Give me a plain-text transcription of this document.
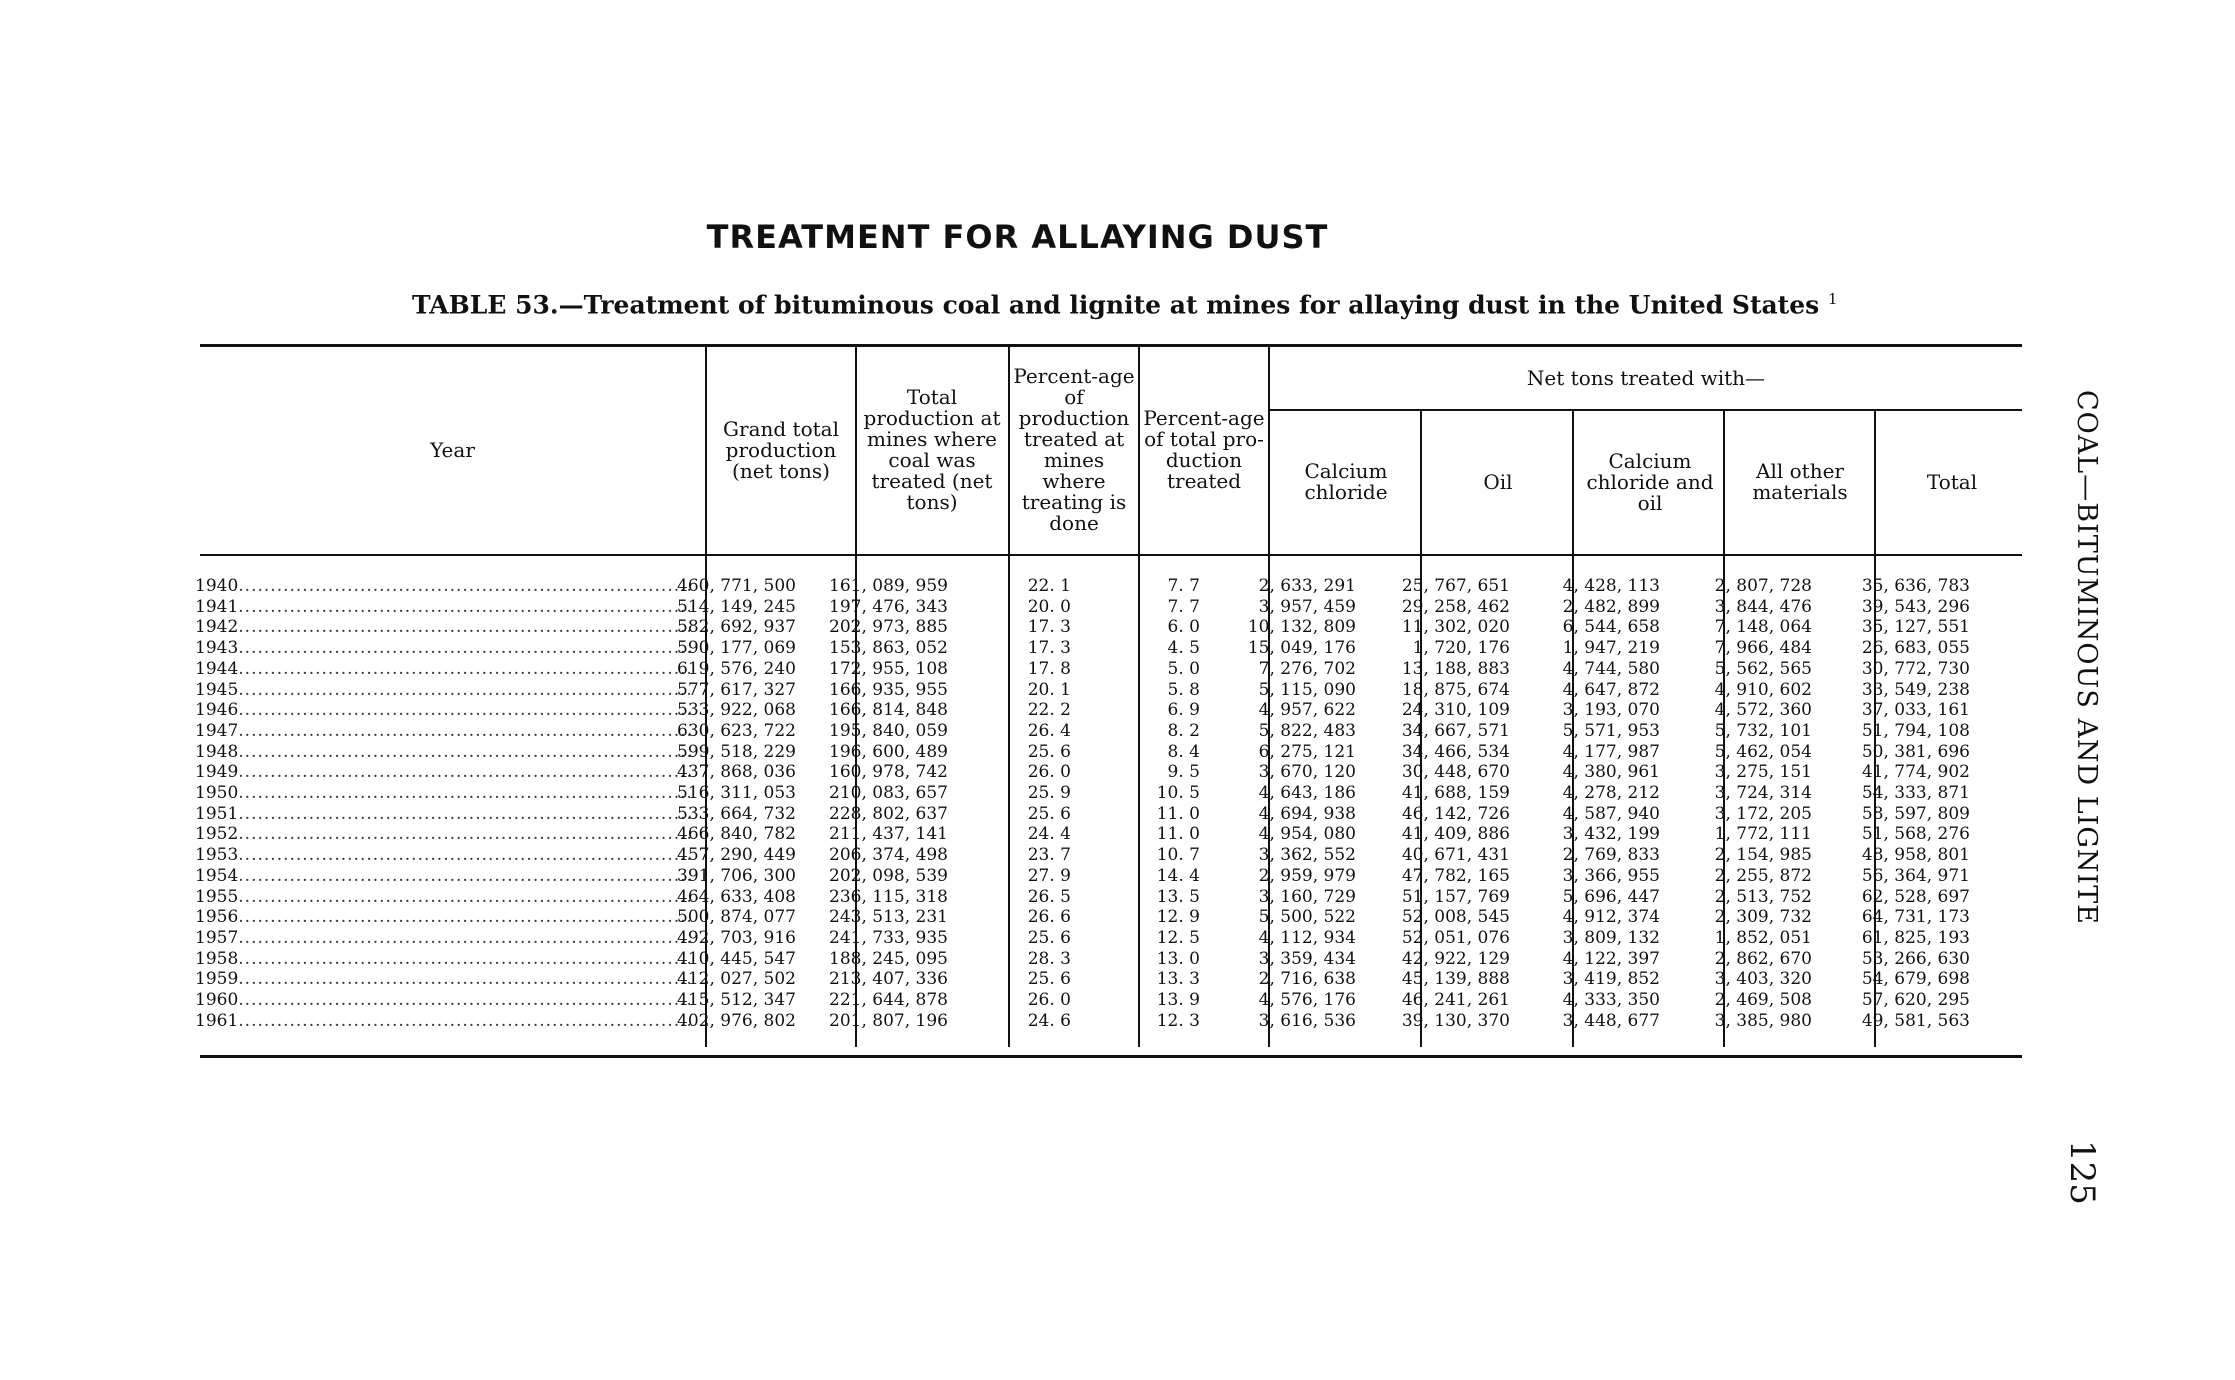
TREATMENT FOR ALLAYING DUST
TABLE 53.—Treatment of bituminous coal and lignite at mines for allaying dust in the United States $^1$
Year
Grand total production (net tons)
Total production at mines where coal was treated (net tons)
Percent-age of production treated at mines where treating is done
Percent-age of total pro-duction treated
Net tons treated with—
Calcium chloride	Oil
Calcium chloride and oil
All other materials	Total
1940 .....	460, 771, 500 161, 089, 959	22. 1	7. 7	2, 633, 291	25, 767, 651	4, 428, 113	2, 807, 728	35, 636, 783
1941 .....	514, 149, 245 197, 476, 343	20. 0	7. 7	3, 957, 459	29, 258, 462	2, 482, 899	3, 844, 476	39, 543, 296
1942 .....	582, 692, 937 202, 973, 885	17. 3	6. 0	10, 132, 809	11, 302, 020	6, 544, 658	7, 148, 064	35, 127, 551
1943 .....	590, 177, 069 153, 863, 052	17. 3	4. 5	15, 049, 176	1, 720, 176	1, 947, 219	7, 966, 484	26, 683, 055
1944 .....	619, 576, 240 172, 955, 108	17. 8	5. 0	7, 276, 702	13, 188, 883	4, 744, 580	5, 562, 565	30, 772, 730
1945 .....	577, 617, 327 166, 935, 955	20. 1	5. 8	5, 115, 090	18, 875, 674	4, 647, 872	4, 910, 602	33, 549, 238
1946 .....	533, 922, 068 166, 814, 848	22. 2	6. 9	4, 957, 622	24, 310, 109	3, 193, 070	4, 572, 360	37, 033, 161
1947 .....	630, 623, 722 195, 840, 059	26. 4	8. 2	5, 822, 483	34, 667, 571	5, 571, 953	5, 732, 101	51, 794, 108
1948 .....	599, 518, 229 196, 600, 489	25. 6	8. 4	6, 275, 121	34, 466, 534	4, 177, 987	5, 462, 054	50, 381, 696
1949 .....	437, 868, 036 160, 978, 742	26. 0	9. 5	3, 670, 120	30, 448, 670	4, 380, 961	3, 275, 151	41, 774, 902
1950 .....	516, 311, 053 210, 083, 657	25. 9	10. 5	4, 643, 186	41, 688, 159	4, 278, 212	3, 724, 314	54, 333, 871
1951 .....	533, 664, 732 228, 802, 637	25. 6	11. 0	4, 694, 938	46, 142, 726	4, 587, 940	3, 172, 205	58, 597, 809
1952 .....	466, 840, 782 211, 437, 141	24. 4	11. 0	4, 954, 080	41, 409, 886	3, 432, 199	1, 772, 111	51, 568, 276
1953 .....	457, 290, 449 206, 374, 498	23. 7	10. 7	3, 362, 552	40, 671, 431	2, 769, 833	2, 154, 985	48, 958, 801
1954 .....	391, 706, 300 202, 098, 539	27. 9	14. 4	2, 959, 979	47, 782, 165	3, 366, 955	2, 255, 872	56, 364, 971
1955 .....	464, 633, 408 236, 115, 318	26. 5	13. 5	3, 160, 729	51, 157, 769	5, 696, 447	2, 513, 752	62, 528, 697
1956 .....	500, 874, 077 243, 513, 231	26. 6	12. 9	5, 500, 522	52, 008, 545	4, 912, 374	2, 309, 732	64, 731, 173
1957 .....	492, 703, 916 241, 733, 935	25. 6	12. 5	4, 112, 934	52, 051, 076	3, 809, 132	1, 852, 051	61, 825, 193
1958 .....	410, 445, 547 188, 245, 095	28. 3	13. 0	3, 359, 434	42, 922, 129	4, 122, 397	2, 862, 670	53, 266, 630
1959 .....	412, 027, 502 213, 407, 336	25. 6	13. 3	2, 716, 638	45, 139, 888	3, 419, 852	3, 403, 320	54, 679, 698
1960 .....	415, 512, 347 221, 644, 878	26. 0	13. 9	4, 576, 176	46, 241, 261	4, 333, 350	2, 469, 508	57, 620, 295
1961 .....	402, 976, 802 201, 807, 196	24. 6	12. 3	3, 616, 536	39, 130, 370	3, 448, 677	3, 385, 980	49, 581, 563
COAL—BITUMINOUS AND LIGNITE
125
